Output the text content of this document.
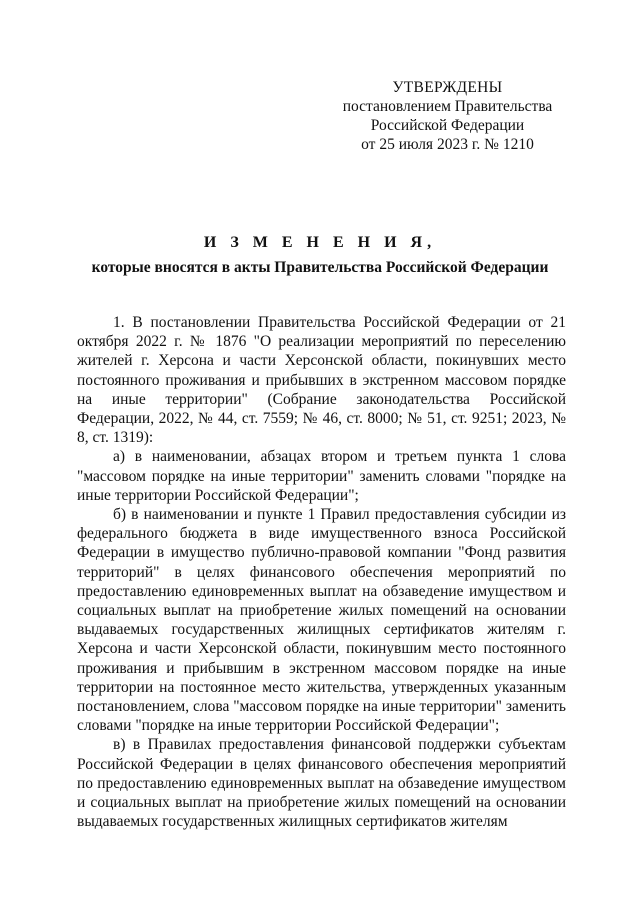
УТВЕРЖДЕНЫ
постановлением Правительства
Российской Федерации
от 25 июля 2023 г. № 1210
И З М Е Н Е Н И Я,
которые вносятся в акты Правительства Российской Федерации

1. В постановлении Правительства Российской Федерации от 21 октября 2022 г. № 1876 "О реализации мероприятий по переселению жителей г. Херсона и части Херсонской области, покинувших место постоянного проживания и прибывших в экстренном массовом порядке на иные территории" (Собрание законодательства Российской Федерации, 2022, № 44, ст. 7559; № 46, ст. 8000; № 51, ст. 9251; 2023, № 8, ст. 1319):

а) в наименовании, абзацах втором и третьем пункта 1 слова "массовом порядке на иные территории" заменить словами "порядке на иные территории Российской Федерации";

б) в наименовании и пункте 1 Правил предоставления субсидии из федерального бюджета в виде имущественного взноса Российской Федерации в имущество публично-правовой компании "Фонд развития территорий" в целях финансового обеспечения мероприятий по предоставлению единовременных выплат на обзаведение имуществом и социальных выплат на приобретение жилых помещений на основании выдаваемых государственных жилищных сертификатов жителям г. Херсона и части Херсонской области, покинувшим место постоянного проживания и прибывшим в экстренном массовом порядке на иные территории на постоянное место жительства, утвержденных указанным постановлением, слова "массовом порядке на иные территории" заменить словами "порядке на иные территории Российской Федерации";

в) в Правилах предоставления финансовой поддержки субъектам Российской Федерации в целях финансового обеспечения мероприятий по предоставлению единовременных выплат на обзаведение имуществом и социальных выплат на приобретение жилых помещений на основании выдаваемых государственных жилищных сертификатов жителям
